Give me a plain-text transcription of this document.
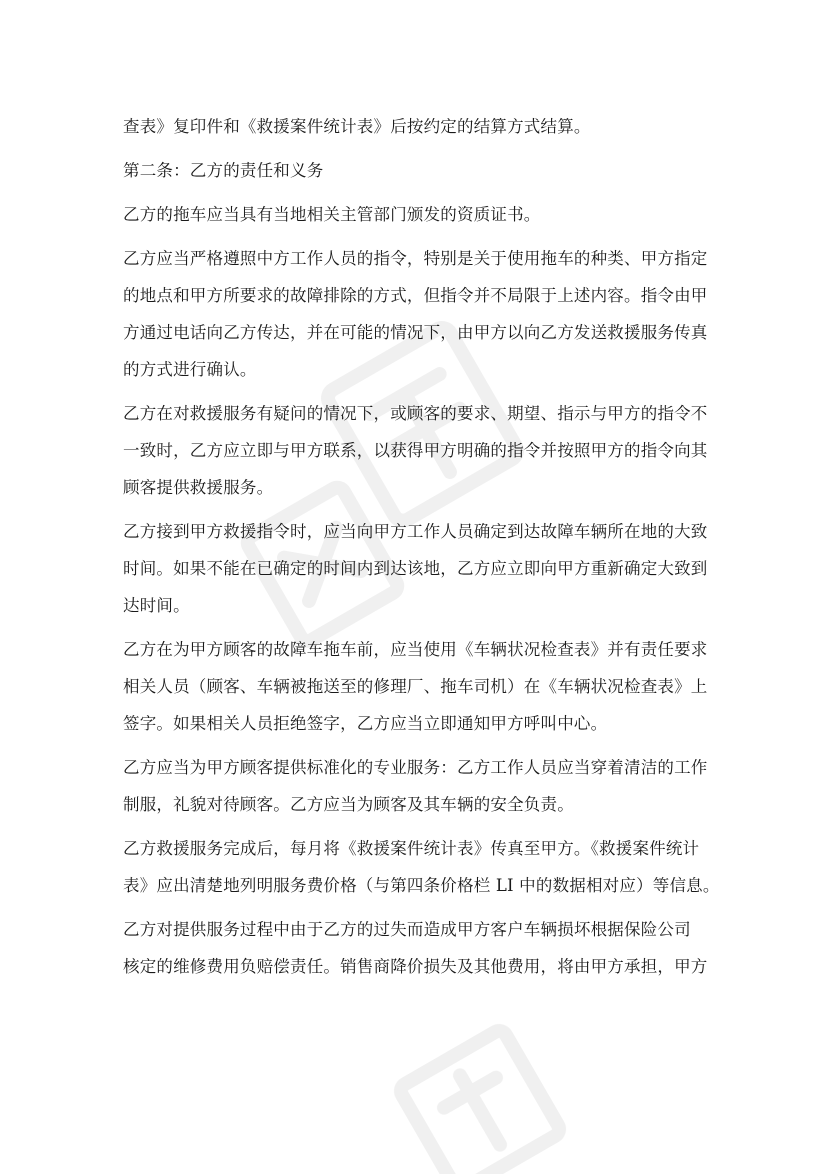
查表》复印件和《救援案件统计表》后按约定的结算方式结算。

第二条：乙方的责任和义务

乙方的拖车应当具有当地相关主管部门颁发的资质证书。

乙方应当严格遵照中方工作人员的指令，特别是关于使用拖车的种类、甲方指定
的地点和甲方所要求的故障排除的方式，但指令并不局限于上述内容。指令由甲
方通过电话向乙方传达，并在可能的情况下，由甲方以向乙方发送救援服务传真
的方式进行确认。

乙方在对救援服务有疑问的情况下，或顾客的要求、期望、指示与甲方的指令不
一致时，乙方应立即与甲方联系，以获得甲方明确的指令并按照甲方的指令向其
顾客提供救援服务。

乙方接到甲方救援指令时，应当向甲方工作人员确定到达故障车辆所在地的大致
时间。如果不能在已确定的时间内到达该地，乙方应立即向甲方重新确定大致到
达时间。

乙方在为甲方顾客的故障车拖车前，应当使用《车辆状况检查表》并有责任要求
相关人员（顾客、车辆被拖送至的修理厂、拖车司机）在《车辆状况检查表》上
签字。如果相关人员拒绝签字，乙方应当立即通知甲方呼叫中心。

乙方应当为甲方顾客提供标准化的专业服务：乙方工作人员应当穿着清洁的工作
制服，礼貌对待顾客。乙方应当为顾客及其车辆的安全负责。

乙方救援服务完成后，每月将《救援案件统计表》传真至甲方。《救援案件统计
表》应出清楚地列明服务费价格（与第四条价格栏 LI 中的数据相对应）等信息。

乙方对提供服务过程中由于乙方的过失而造成甲方客户车辆损坏根据保险公司
核定的维修费用负赔偿责任。销售商降价损失及其他费用，将由甲方承担，甲方
